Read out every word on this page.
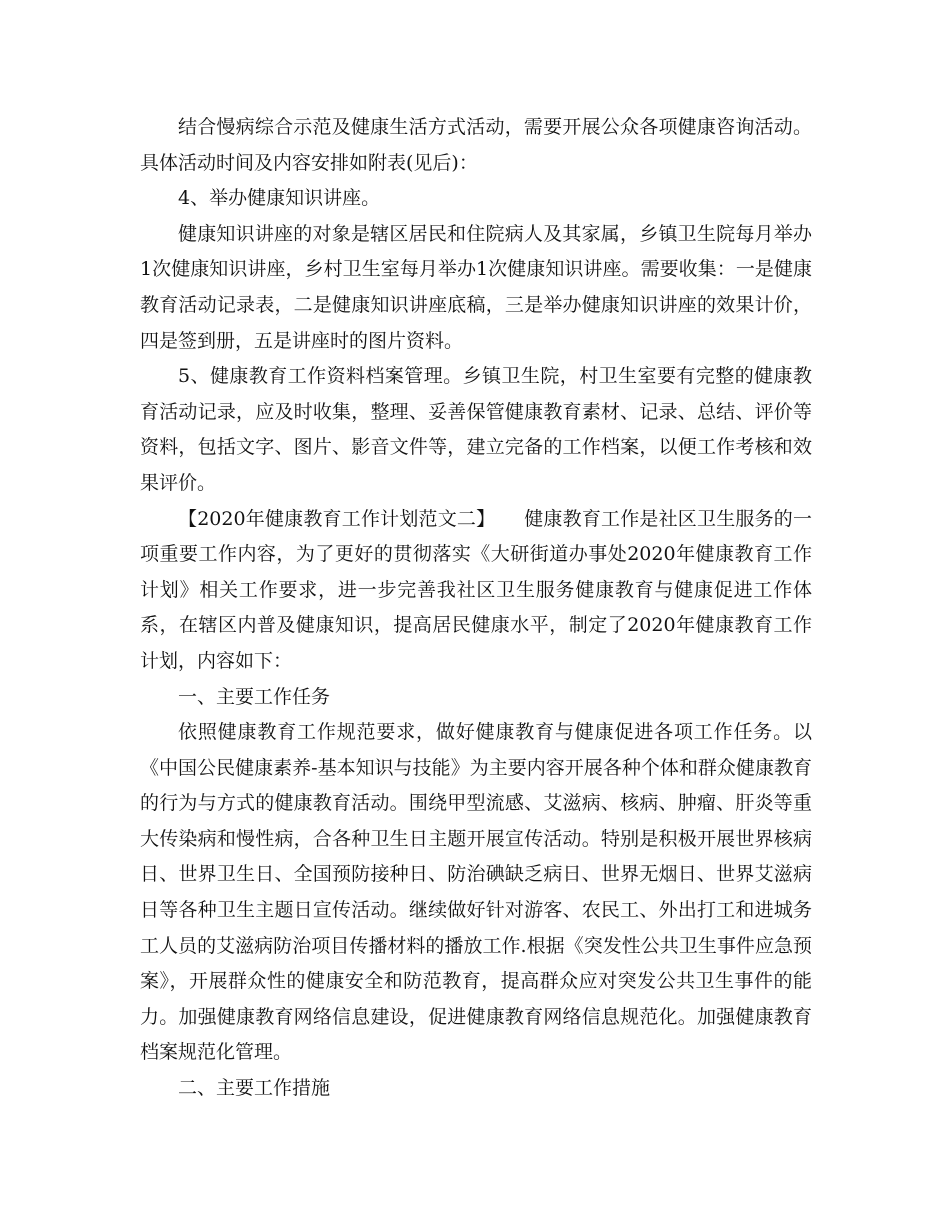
结合慢病综合示范及健康生活方式活动，需要开展公众各项健康咨询活动。具体活动时间及内容安排如附表(见后)：

4、举办健康知识讲座。

健康知识讲座的对象是辖区居民和住院病人及其家属，乡镇卫生院每月举办1次健康知识讲座，乡村卫生室每月举办1次健康知识讲座。需要收集：一是健康教育活动记录表，二是健康知识讲座底稿，三是举办健康知识讲座的效果计价，四是签到册，五是讲座时的图片资料。

5、健康教育工作资料档案管理。乡镇卫生院，村卫生室要有完整的健康教育活动记录，应及时收集，整理、妥善保管健康教育素材、记录、总结、评价等资料，包括文字、图片、影音文件等，建立完备的工作档案，以便工作考核和效果评价。

【2020年健康教育工作计划范文二】　　健康教育工作是社区卫生服务的一项重要工作内容，为了更好的贯彻落实《大研街道办事处2020年健康教育工作计划》相关工作要求，进一步完善我社区卫生服务健康教育与健康促进工作体系，在辖区内普及健康知识，提高居民健康水平，制定了2020年健康教育工作计划，内容如下：

一、主要工作任务

依照健康教育工作规范要求，做好健康教育与健康促进各项工作任务。以《中国公民健康素养-基本知识与技能》为主要内容开展各种个体和群众健康教育的行为与方式的健康教育活动。围绕甲型流感、艾滋病、核病、肿瘤、肝炎等重大传染病和慢性病，合各种卫生日主题开展宣传活动。特别是积极开展世界核病日、世界卫生日、全国预防接种日、防治碘缺乏病日、世界无烟日、世界艾滋病日等各种卫生主题日宣传活动。继续做好针对游客、农民工、外出打工和进城务工人员的艾滋病防治项目传播材料的播放工作.根据《突发性公共卫生事件应急预案》，开展群众性的健康安全和防范教育，提高群众应对突发公共卫生事件的能力。加强健康教育网络信息建设，促进健康教育网络信息规范化。加强健康教育档案规范化管理。

二、主要工作措施
